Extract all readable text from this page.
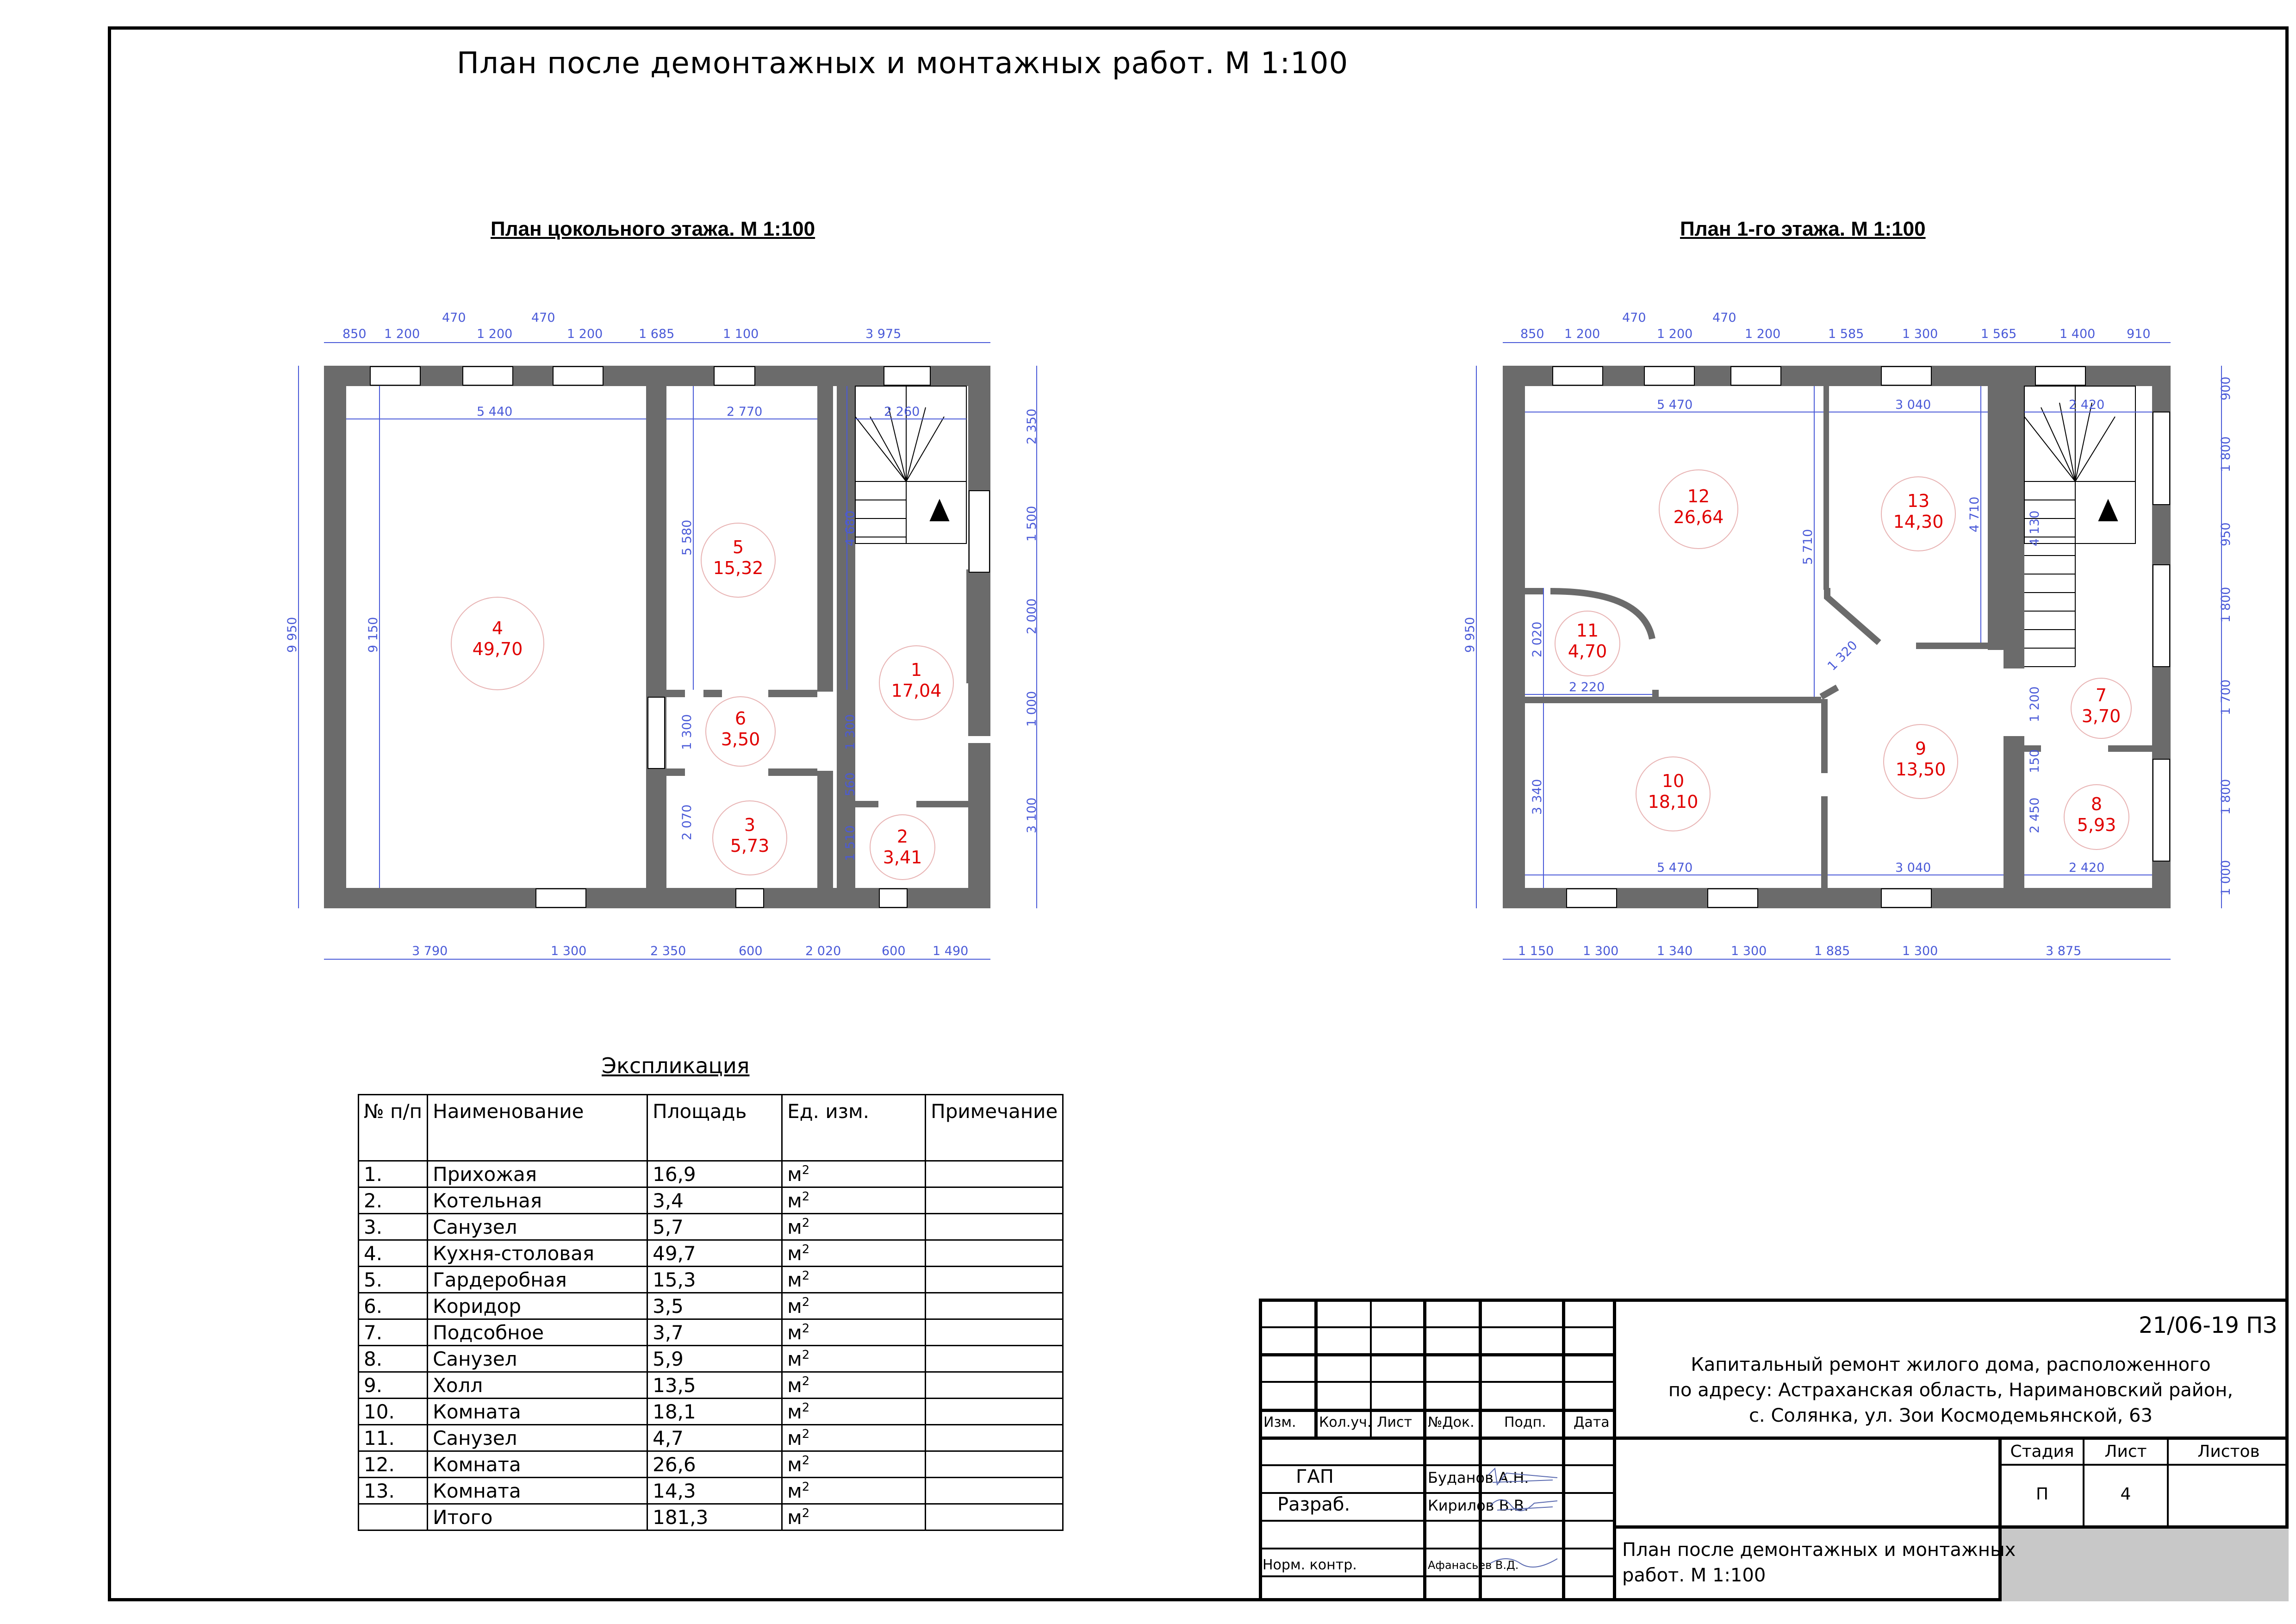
План после демонтажных и монтажных работ. М 1:100
План цокольного этажа. М 1:100	План 1-го этажа. М 1:100
850 1 200
470
1 200
470
1 200	1 685	1 100	3 975
3 790	1 300	2 350	600	2 020	600 1 490
9 950
2 350
1 500
2 000
1 000
3 100
5 440	2 770	2 260
9 150
5 580	4 680
1 300	1 300
2 070
560
1 510
1
17,04
2
3,41
3
5,73
4
49,70
5
15,32
6
3,50
850 1 200
470
1 200
470
1 200	1 585	1 300	1 565	1 400	910
1 150 1 300	1 340	1 300	1 885	1 300	3 875
9 950
900
1 800
950
1 800
1 700
1 800
1 000
5 470	3 040	2 420
5 710
4 710	4 130
2 020
2 220
1 320
3 340
1 200
150
2 450
5 470	3 040	2 420
7
3,70
8
5,93
9
13,50
10
18,10
11
4,70
12
26,64
13
14,30
Экспликация
№ п/п	Наименование	Площадь	Ед. изм.	Примечание
1.	Прихожая	16,9	$м^2$	
2.	Котельная	3,4	$м^2$	
3.	Санузел	5,7	$м^2$	
4.	Кухня-столовая	49,7	$м^2$	
5.	Гардеробная	15,3	$м^2$	
6.	Коридор	3,5	$м^2$	
7.	Подсобное	3,7	$м^2$	
8.	Санузел	5,9	$м^2$	
9.	Холл	13,5	$м^2$	
10.	Комната	18,1	$м^2$	
11.	Санузел	4,7	$м^2$	
12.	Комната	26,6	$м^2$	
13.	Комната	14,3	$м^2$	
	Итого	181,3	$м^2$	
21/06-19 ПЗ
Капитальный ремонт жилого дома, расположенного
по адресу: Астраханская область, Наримановский район,
с. Солянка, ул. Зои Космодемьянской, 63
Изм. Кол.уч. Лист №Док. Подп. Дата
ГАП	Буданов А.Н.
Разраб.	Кирилов В.В.
Норм. контр.	Афанасьев В.Д.
Стадия	Лист	Листов
П	4
План после демонтажных и монтажных
работ. М 1:100
